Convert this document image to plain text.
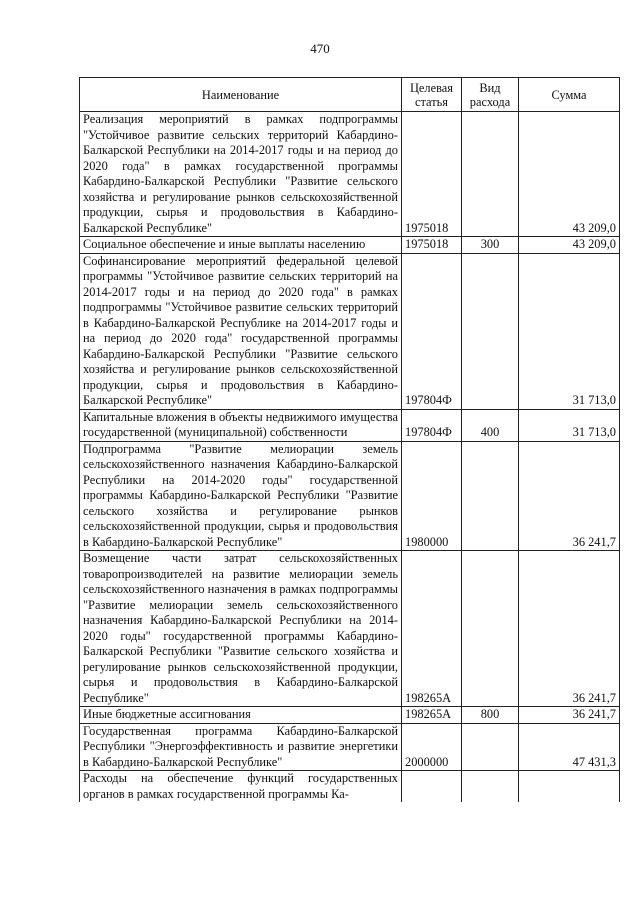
470
Наименование	Целевая статья	Вид расхода	Сумма
Реализация мероприятий в рамках подпрограммы "Устойчивое развитие сельских территорий Кабардино-Балкарской Республики на 2014-2017 годы и на период до 2020 года" в рамках государственной программы Кабардино-Балкарской Республики "Развитие сельского хозяйства и регулирование рынков сельскохозяйственной продукции, сырья и продовольствия в Кабардино-Балкарской Республике"	1975018		43 209,0
Социальное обеспечение и иные выплаты населению	1975018	300	43 209,0
Софинансирование мероприятий федеральной целевой программы "Устойчивое развитие сельских территорий на 2014-2017 годы и на период до 2020 года" в рамках подпрограммы "Устойчивое развитие сельских территорий в Кабардино-Балкарской Республике на 2014-2017 годы и на период до 2020 года" государственной программы Кабардино-Балкарской Республики "Развитие сельского хозяйства и регулирование рынков сельскохозяйственной продукции, сырья и продовольствия в Кабардино-Балкарской Республике"	197804Ф		31 713,0
Капитальные вложения в объекты недвижимого имущества государственной (муниципальной) собственности	197804Ф	400	31 713,0
Подпрограмма "Развитие мелиорации земель сельскохозяйственного назначения Кабардино-Балкарской Республики на 2014-2020 годы" государственной программы Кабардино-Балкарской Республики "Развитие сельского хозяйства и регулирование рынков сельскохозяйственной продукции, сырья и продовольствия в Кабардино-Балкарской Республике"	1980000		36 241,7
Возмещение части затрат сельскохозяйственных товаропроизводителей на развитие мелиорации земель сельскохозяйственного назначения в рамках подпрограммы "Развитие мелиорации земель сельскохозяйственного назначения Кабардино-Балкарской Республики на 2014-2020 годы" государственной программы Кабардино-Балкарской Республики "Развитие сельского хозяйства и регулирование рынков сельскохозяйственной продукции, сырья и продовольствия в Кабардино-Балкарской Республике"	198265А		36 241,7
Иные бюджетные ассигнования	198265А	800	36 241,7
Государственная программа Кабардино-Балкарской Республики "Энергоэффективность и развитие энергетики в Кабардино-Балкарской Республике"	2000000		47 431,3
Расходы на обеспечение функций государственных органов в рамках государственной программы Ка-			
